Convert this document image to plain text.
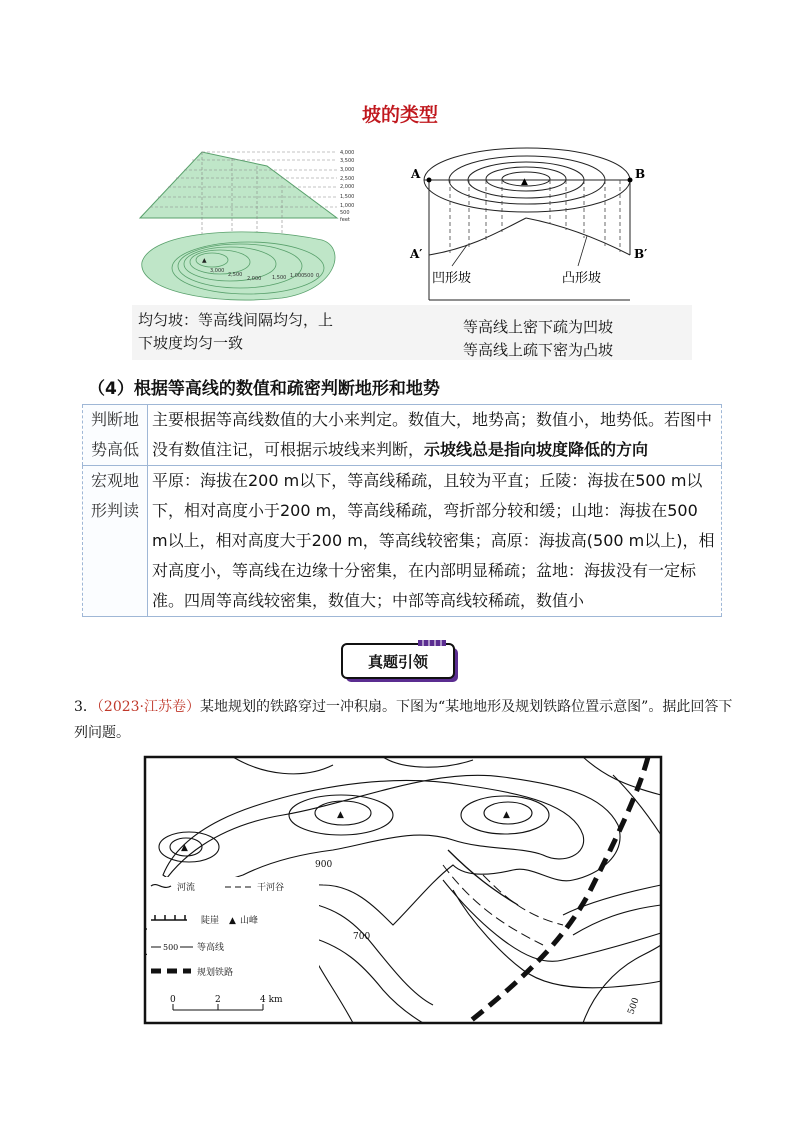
坡的类型
4,000
3,500
3,000
2,500
2,000
1,500
1,000
500
feet
▲
3,000
2,500
2,000 1,500 1,000 500 0
▲
A	B
A′	B′
凹形坡	凸形坡
均匀坡：等高线间隔均匀，上
下坡度均匀一致
等高线上密下疏为凹坡
等高线上疏下密为凸坡
（4）根据等高线的数值和疏密判断地形和地势
判断地
势高低	主要根据等高线数值的大小来判定。数值大，地势高；数值小，地势低。若图中没有数值注记，可根据示坡线来判断，示坡线总是指向坡度降低的方向

宏观地
形判读	平原：海拔在200 m以下，等高线稀疏，且较为平直；丘陵：海拔在500 m以下，相对高度小于200 m，等高线稀疏，弯折部分较和缓；山地：海拔在500 m以上，相对高度大于200 m，等高线较密集；高原：海拔高(500 m以上)，相对高度小，等高线在边缘十分密集，在内部明显稀疏；盆地：海拔没有一定标准。四周等高线较密集，数值大；中部等高线较稀疏，数值小
真题引领
3．（2023·江苏卷）某地规划的铁路穿过一冲积扇。下图为“某地地形及规划铁路位置示意图”。据此回答下列问题。
▲	▲
▲
900
700
500
河流	干河谷
陡崖 ▲ 山峰
500 等高线
规划铁路
0	2	4 km
